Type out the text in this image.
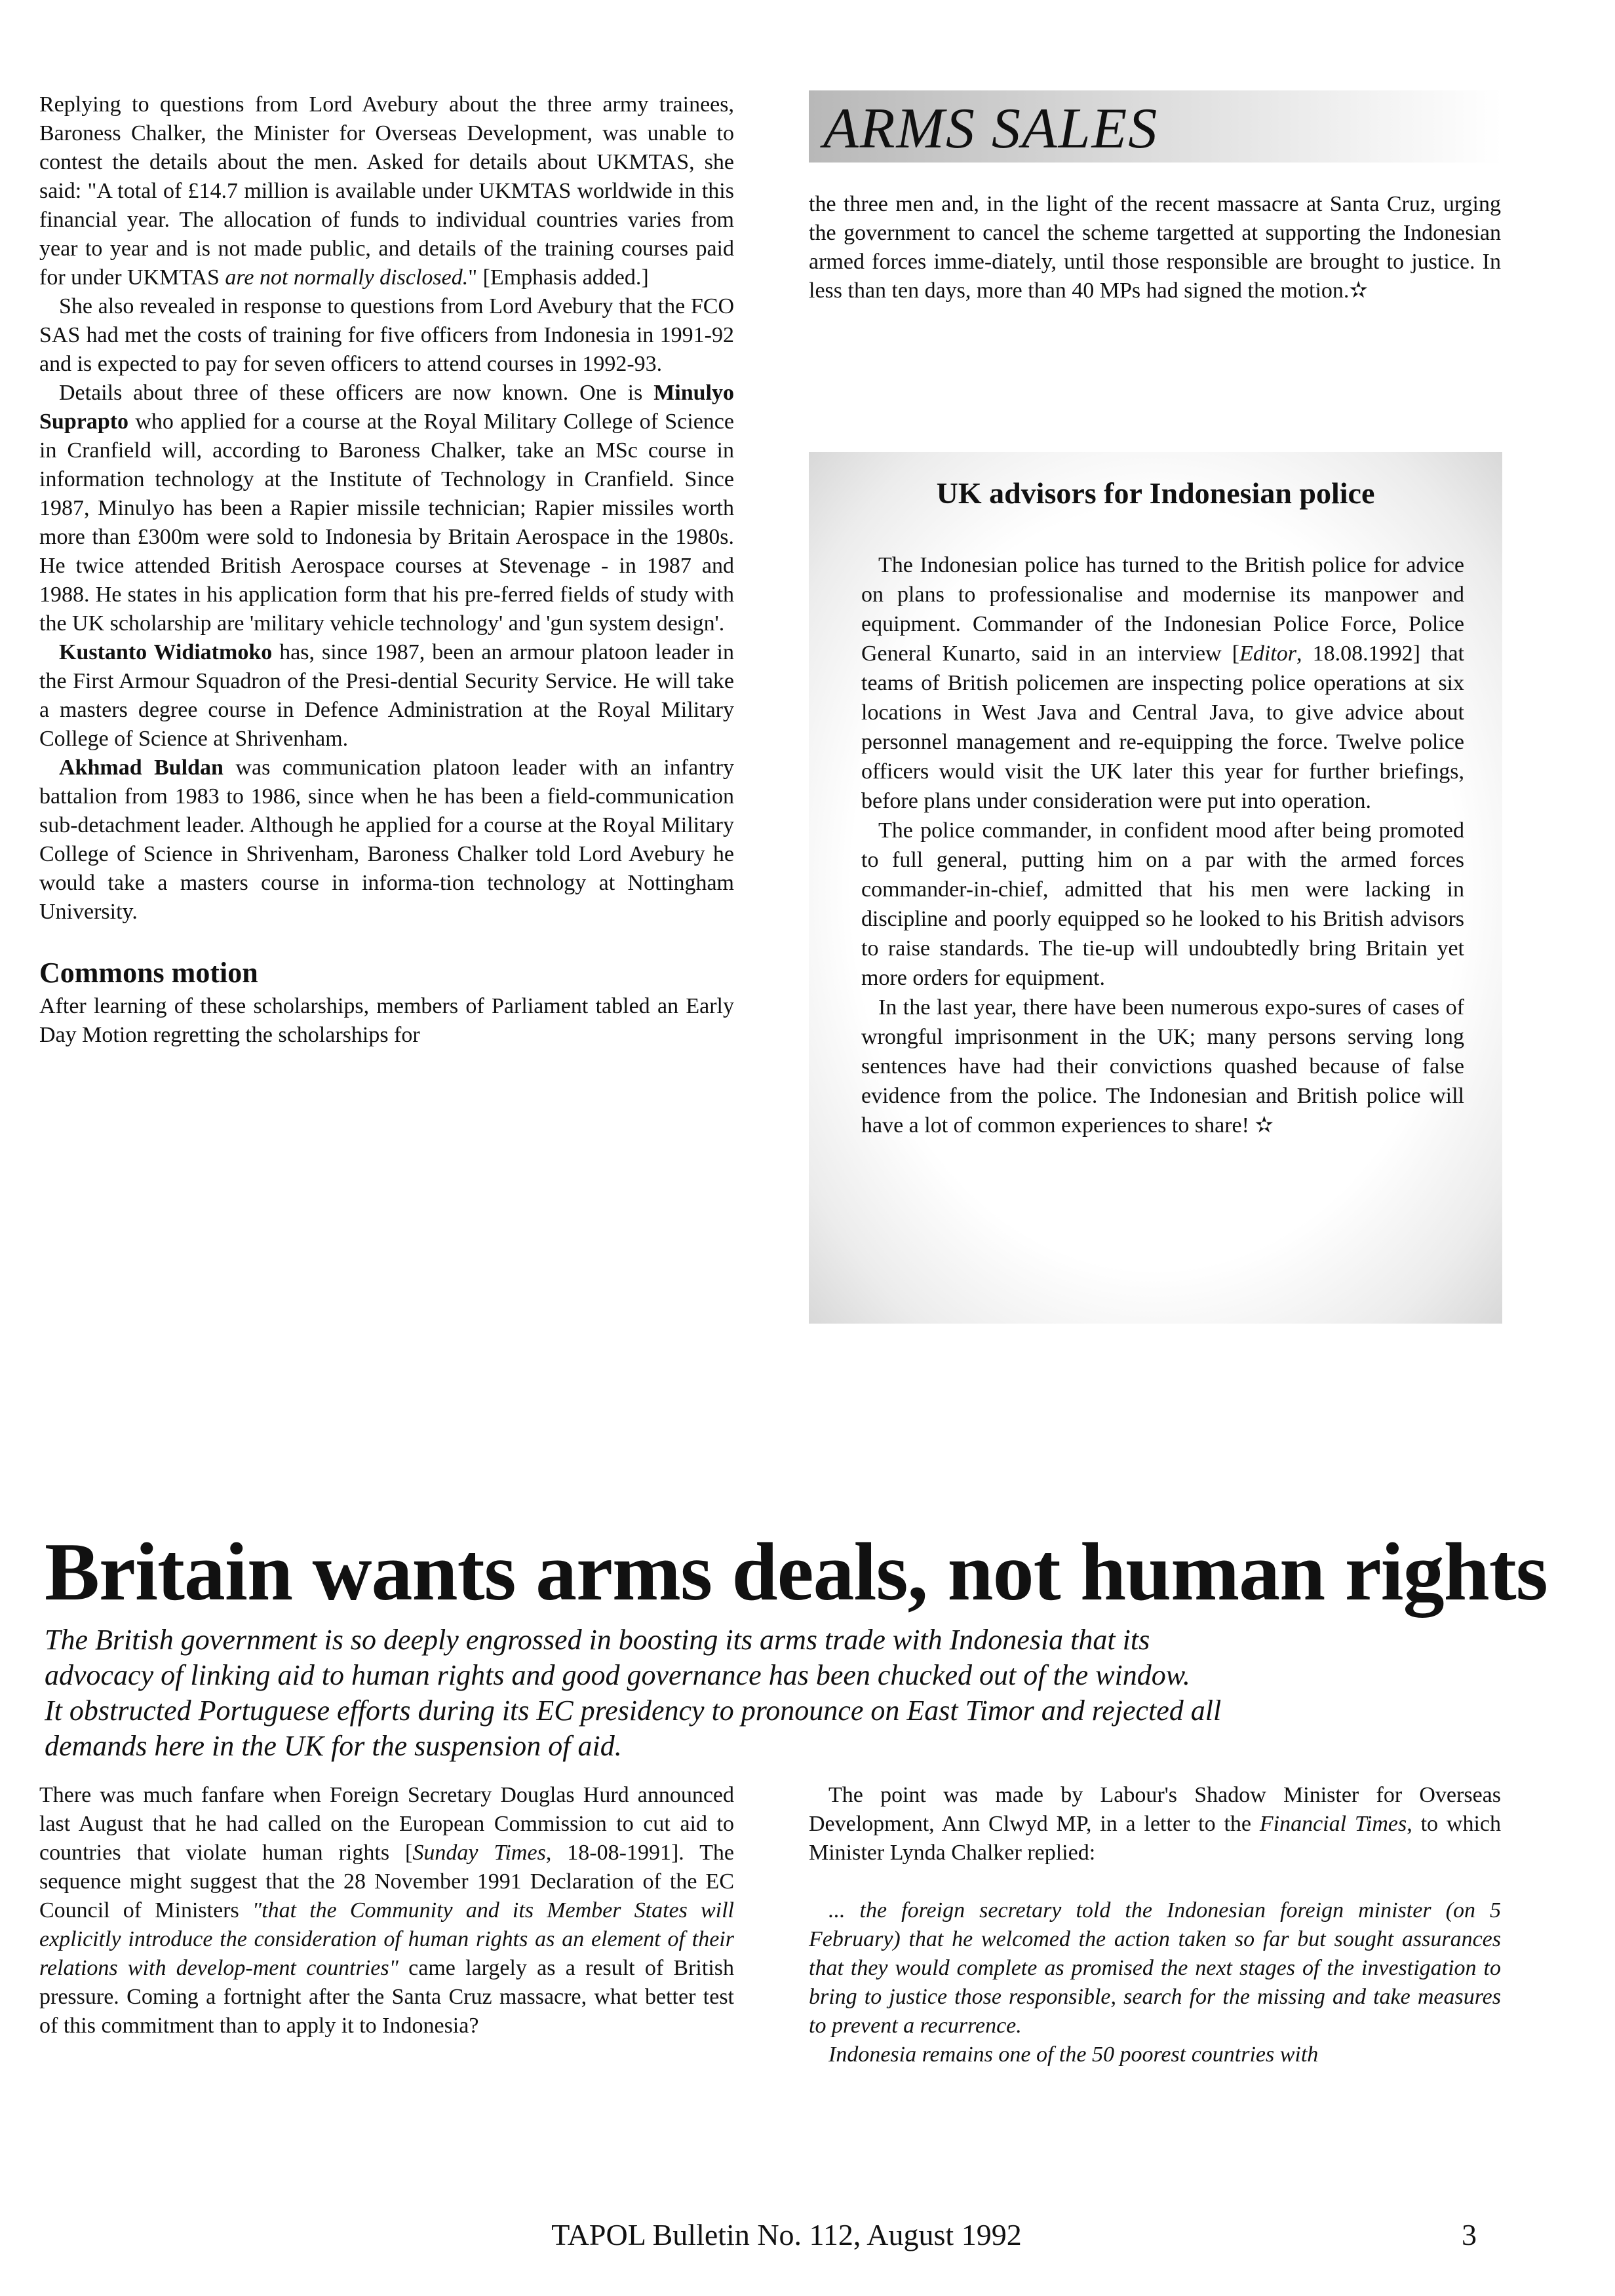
Replying to questions from Lord Avebury about the three army trainees, Baroness Chalker, the Minister for Overseas Development, was unable to contest the details about the men. Asked for details about UKMTAS, she said: "A total of £14.7 million is available under UKMTAS worldwide in this financial year. The allocation of funds to individual countries varies from year to year and is not made public, and details of the training courses paid for under UKMTAS are not normally disclosed." [Emphasis added.]

She also revealed in response to questions from Lord Avebury that the FCO SAS had met the costs of training for five officers from Indonesia in 1991-92 and is expected to pay for seven officers to attend courses in 1992-93.

Details about three of these officers are now known. One is Minulyo Suprapto who applied for a course at the Royal Military College of Science in Cranfield will, according to Baroness Chalker, take an MSc course in information technology at the Institute of Technology in Cranfield. Since 1987, Minulyo has been a Rapier missile technician; Rapier missiles worth more than £300m were sold to Indonesia by Britain Aerospace in the 1980s. He twice attended British Aerospace courses at Stevenage - in 1987 and 1988. He states in his application form that his pre-ferred fields of study with the UK scholarship are 'military vehicle technology' and 'gun system design'.

Kustanto Widiatmoko has, since 1987, been an armour platoon leader in the First Armour Squadron of the Presi-dential Security Service. He will take a masters degree course in Defence Administration at the Royal Military College of Science at Shrivenham.

Akhmad Buldan was communication platoon leader with an infantry battalion from 1983 to 1986, since when he has been a field-communication sub-detachment leader. Although he applied for a course at the Royal Military College of Science in Shrivenham, Baroness Chalker told Lord Avebury he would take a masters course in informa-tion technology at Nottingham University.

Commons motion

After learning of these scholarships, members of Parliament tabled an Early Day Motion regretting the scholarships for

ARMS SALES

the three men and, in the light of the recent massacre at Santa Cruz, urging the government to cancel the scheme targetted at supporting the Indonesian armed forces imme-diately, until those responsible are brought to justice. In less than ten days, more than 40 MPs had signed the motion.✫

UK advisors for Indonesian police

The Indonesian police has turned to the British police for advice on plans to professionalise and modernise its manpower and equipment. Commander of the Indonesian Police Force, Police General Kunarto, said in an interview [Editor, 18.08.1992] that teams of British policemen are inspecting police operations at six locations in West Java and Central Java, to give advice about personnel management and re-equipping the force. Twelve police officers would visit the UK later this year for further briefings, before plans under consideration were put into operation.

The police commander, in confident mood after being promoted to full general, putting him on a par with the armed forces commander-in-chief, admitted that his men were lacking in discipline and poorly equipped so he looked to his British advisors to raise standards. The tie-up will undoubtedly bring Britain yet more orders for equipment.

In the last year, there have been numerous expo-sures of cases of wrongful imprisonment in the UK; many persons serving long sentences have had their convictions quashed because of false evidence from the police. The Indonesian and British police will have a lot of common experiences to share! ✫

Britain wants arms deals, not human rights
The British government is so deeply engrossed in boosting its arms trade with Indonesia that its
advocacy of linking aid to human rights and good governance has been chucked out of the window.
It obstructed Portuguese efforts during its EC presidency to pronounce on East Timor and rejected all
demands here in the UK for the suspension of aid.

There was much fanfare when Foreign Secretary Douglas Hurd announced last August that he had called on the European Commission to cut aid to countries that violate human rights [Sunday Times, 18-08-1991]. The sequence might suggest that the 28 November 1991 Declaration of the EC Council of Ministers "that the Community and its Member States will explicitly introduce the consideration of human rights as an element of their relations with develop-ment countries" came largely as a result of British pressure. Coming a fortnight after the Santa Cruz massacre, what better test of this commitment than to apply it to Indonesia?

The point was made by Labour's Shadow Minister for Overseas Development, Ann Clwyd MP, in a letter to the Financial Times, to which Minister Lynda Chalker replied:

... the foreign secretary told the Indonesian foreign minister (on 5 February) that he welcomed the action taken so far but sought assurances that they would complete as promised the next stages of the investigation to bring to justice those responsible, search for the missing and take measures to prevent a recurrence.

Indonesia remains one of the 50 poorest countries with

TAPOL Bulletin No. 112, August 1992	3
